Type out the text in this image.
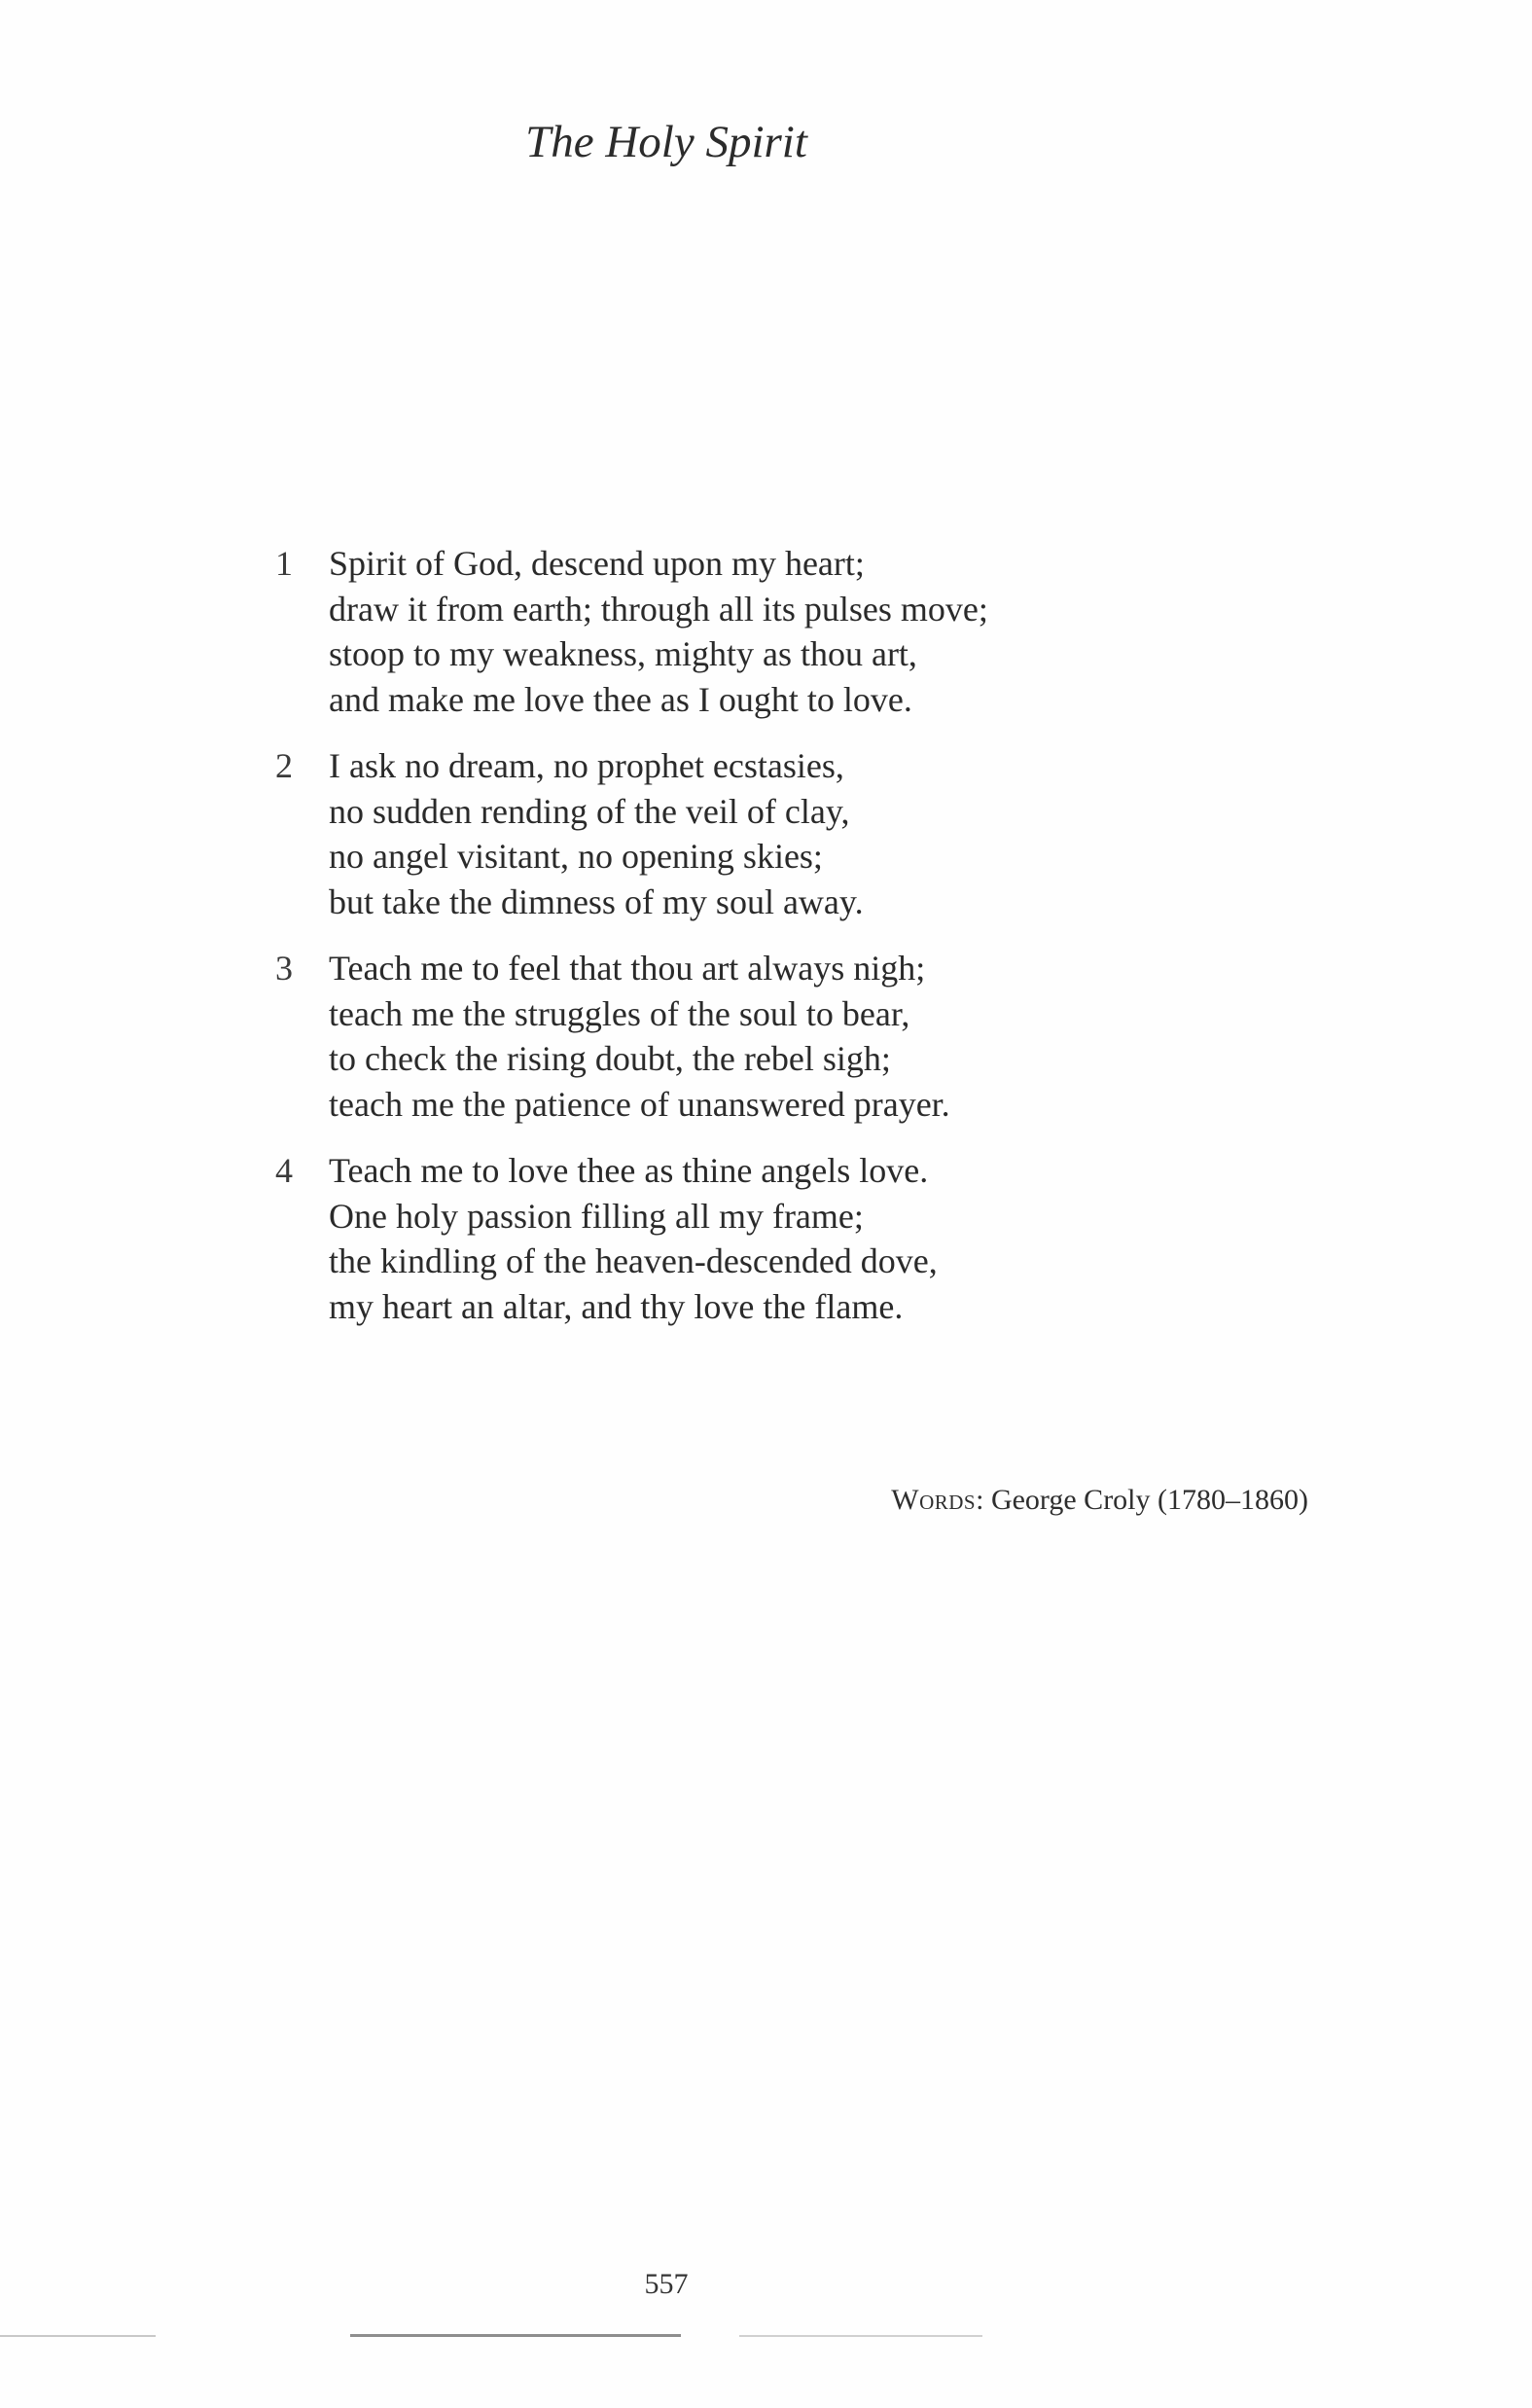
The Holy Spirit
1 Spirit of God, descend upon my heart;
draw it from earth; through all its pulses move;
stoop to my weakness, mighty as thou art,
and make me love thee as I ought to love.
2 I ask no dream, no prophet ecstasies,
no sudden rending of the veil of clay,
no angel visitant, no opening skies;
but take the dimness of my soul away.
3 Teach me to feel that thou art always nigh;
teach me the struggles of the soul to bear,
to check the rising doubt, the rebel sigh;
teach me the patience of unanswered prayer.
4 Teach me to love thee as thine angels love.
One holy passion filling all my frame;
the kindling of the heaven-descended dove,
my heart an altar, and thy love the flame.
Words: George Croly (1780–1860)
557
